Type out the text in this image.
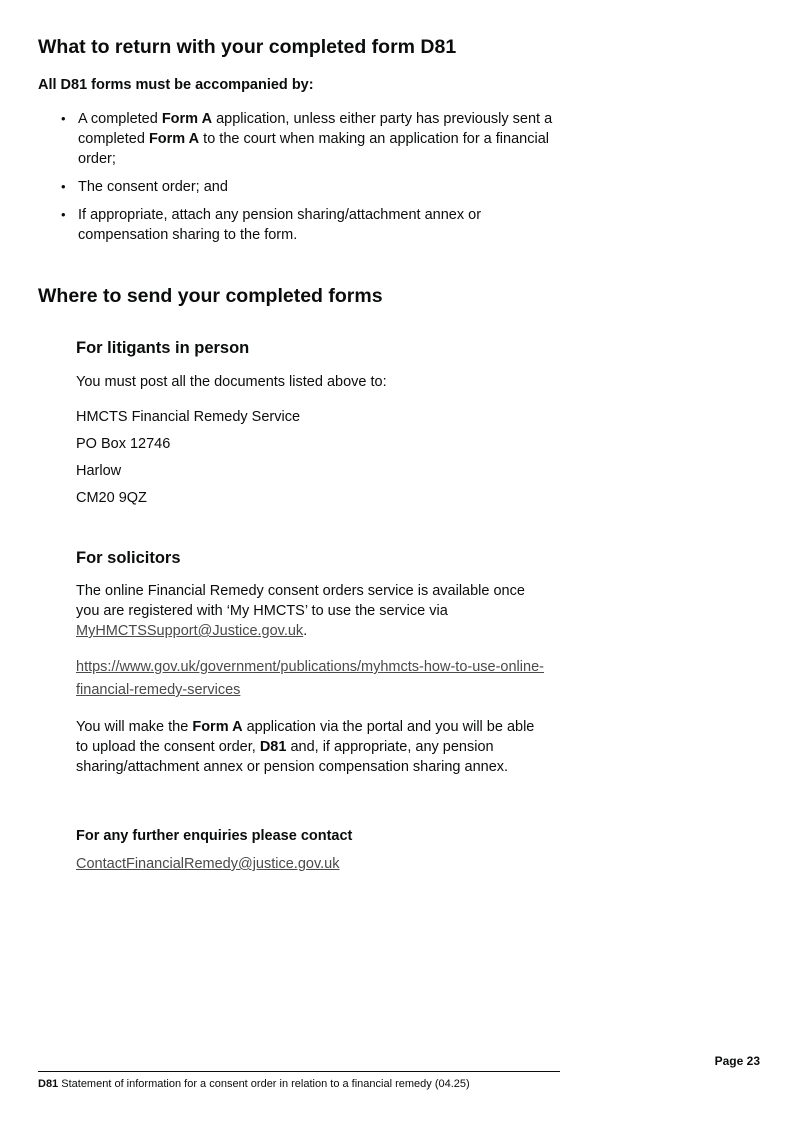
What to return with your completed form D81

All D81 forms must be accompanied by:

• A completed Form A application, unless either party has previously sent a completed Form A to the court when making an application for a financial order;
• The consent order; and
• If appropriate, attach any pension sharing/attachment annex or compensation sharing to the form.
Where to send your completed forms
For litigants in person

You must post all the documents listed above to:

HMCTS Financial Remedy Service

PO Box 12746

Harlow

CM20 9QZ

For solicitors

The online Financial Remedy consent orders service is available once you are registered with ‘My HMCTS’ to use the service via MyHMCTSSupport@Justice.gov.uk.

https://www.gov.uk/government/publications/myhmcts-how-to-use-online-financial-remedy-services

You will make the Form A application via the portal and you will be able to upload the consent order, D81 and, if appropriate, any pension sharing/attachment annex or pension compensation sharing annex.

For any further enquiries please contact

ContactFinancialRemedy@justice.gov.uk

Page 23

D81 Statement of information for a consent order in relation to a financial remedy (04.25)
